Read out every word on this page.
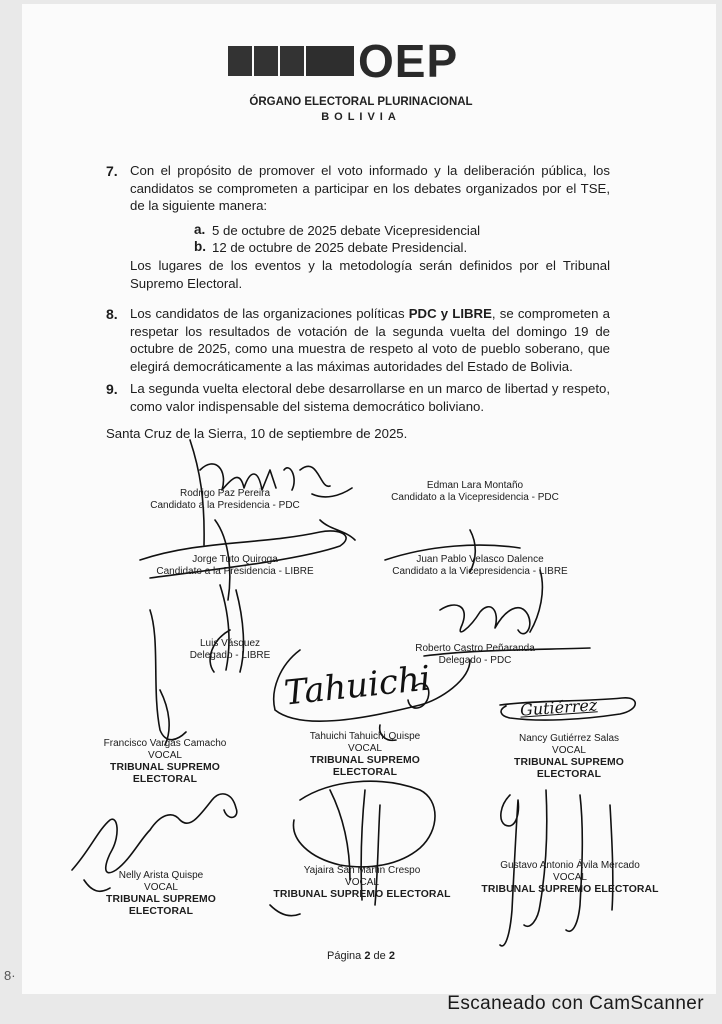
OEP
ÓRGANO ELECTORAL PLURINACIONAL
BOLIVIA
7. Con el propósito de promover el voto informado y la deliberación pública, los candidatos se comprometen a participar en los debates organizados por el TSE, de la siguiente manera:
a. 5 de octubre de 2025 debate Vicepresidencial
b. 12 de octubre de 2025 debate Presidencial.
Los lugares de los eventos y la metodología serán definidos por el Tribunal Supremo Electoral.
8. Los candidatos de las organizaciones políticas PDC y LIBRE, se comprometen a respetar los resultados de votación de la segunda vuelta del domingo 19 de octubre de 2025, como una muestra de respeto al voto de pueblo soberano, que elegirá democráticamente a las máximas autoridades del Estado de Bolivia.
9. La segunda vuelta electoral debe desarrollarse en un marco de libertad y respeto, como valor indispensable del sistema democrático boliviano.
Santa Cruz de la Sierra, 10 de septiembre de 2025.
Tahuichi	Gutiérrez
Rodrigo Paz Pereira
Candidato a la Presidencia - PDC
Edman Lara Montaño
Candidato a la Vicepresidencia - PDC
Jorge Tuto Quiroga
Candidato a la Presidencia - LIBRE
Juan Pablo Velasco Dalence
Candidato a la Vicepresidencia - LIBRE
Luis Vásquez
Delegado - LIBRE
Roberto Castro Peñaranda
Delegado - PDC
Francisco Vargas Camacho
VOCAL
TRIBUNAL SUPREMO ELECTORAL
Tahuichi Tahuichi Quispe
VOCAL
TRIBUNAL SUPREMO ELECTORAL
Nancy Gutiérrez Salas
VOCAL
TRIBUNAL SUPREMO ELECTORAL
Nelly Arista Quispe
VOCAL
TRIBUNAL SUPREMO ELECTORAL
Yajaira San Martin Crespo
VOCAL
TRIBUNAL SUPREMO ELECTORAL
Gustavo Antonio Ávila Mercado
VOCAL
TRIBUNAL SUPREMO ELECTORAL
Página 2 de 2
8·
Escaneado con CamScanner
